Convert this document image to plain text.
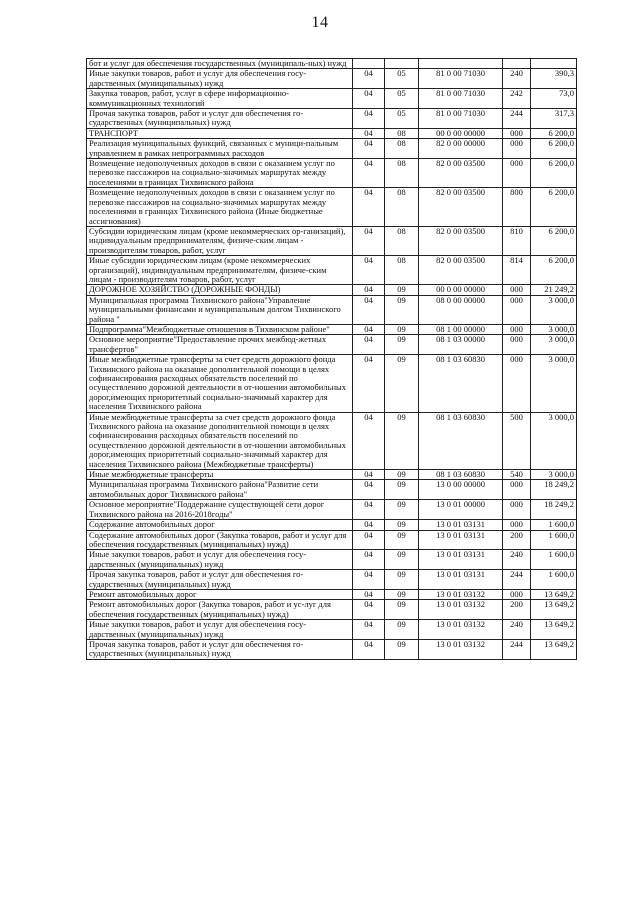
14
бот и услуг для обеспечения государственных (муниципаль-ных) нужд					
Иные закупки товаров, работ и услуг для обеспечения госу-дарственных (муниципальных) нужд	04	05	81 0 00 71030	240	390,3
Закупка товаров, работ, услуг в сфере информационно-коммуникационных технологий	04	05	81 0 00 71030	242	73,0
Прочая закупка товаров, работ и услуг для обеспечения го-сударственных (муниципальных) нужд	04	05	81 0 00 71030	244	317,3
ТРАНСПОРТ	04	08	00 0 00 00000	000	6 200,0
Реализация муниципальных функций, связанных с муници-пальным управлением в рамках непрограммных расходов	04	08	82 0 00 00000	000	6 200,0
Возмещение недополученных доходов в связи с оказанием услуг по перевозке пассажиров на социально-значимых маршрутах между поселениями в границах Тихвинского района	04	08	82 0 00 03500	000	6 200,0
Возмещение недополученных доходов в связи с оказанием услуг по перевозке пассажиров на социально-значимых маршрутах между поселениями в границах Тихвинского района (Иные бюджетные ассигнования)	04	08	82 0 00 03500	800	6 200,0
Субсидии юридическим лицам (кроме некоммерческих ор-ганизаций), индивидуальным предпринимателям, физиче-ским лицам - производителям товаров, работ, услуг	04	08	82 0 00 03500	810	6 200,0
Иные субсидии юридическим лицам (кроме некоммерческих организаций), индивидуальным предпринимателям, физиче-ским лицам - производителям товаров, работ, услуг	04	08	82 0 00 03500	814	6 200,0
ДОРОЖНОЕ ХОЗЯЙСТВО (ДОРОЖНЫЕ ФОНДЫ)	04	09	00 0 00 00000	000	21 249,2
Муниципальная программа Тихвинского района"Управление муниципальными финансами и муниципальным долгом Тихвинского района "	04	09	08 0 00 00000	000	3 000,0
Подпрограмма"Межбюджетные отношения в Тихвинском районе"	04	09	08 1 00 00000	000	3 000,0
Основное мероприятие"Предоставление прочих межбюд-жетных трансфертов"	04	09	08 1 03 00000	000	3 000,0
Иные межбюджетные трансферты за счет средств дорожного фонда Тихвинского района на оказание дополнительной помощи в целях софинансирования расходных обязательств поселений по осуществлению дорожной деятельности в от-ношении автомобильных дорог,имеющих приоритетный социально-значимый характер для населения Тихвинского района	04	09	08 1 03 60830	000	3 000,0
Иные межбюджетные трансферты за счет средств дорожного фонда Тихвинского района на оказание дополнительной помощи в целях софинансирования расходных обязательств поселений по осуществлению дорожной деятельности в от-ношении автомобильных дорог,имеющих приоритетный социально-значимый характер для населения Тихвинского района (Межбюджетные трансферты)	04	09	08 1 03 60830	500	3 000,0
Иные межбюджетные трансферты	04	09	08 1 03 60830	540	3 000,0
Муниципальная программа Тихвинского района"Развитие сети автомобильных дорог Тихвинского района"	04	09	13 0 00 00000	000	18 249,2
Основное мероприятие"Поддержание существующей сети дорог Тихвинского района на 2016-2018годы"	04	09	13 0 01 00000	000	18 249,2
Содержание автомобильных дорог	04	09	13 0 01 03131	000	1 600,0
Содержание автомобильных дорог (Закупка товаров, работ и услуг для обеспечения государственных (муниципальных) нужд)	04	09	13 0 01 03131	200	1 600,0
Иные закупки товаров, работ и услуг для обеспечения госу-дарственных (муниципальных) нужд	04	09	13 0 01 03131	240	1 600,0
Прочая закупка товаров, работ и услуг для обеспечения го-сударственных (муниципальных) нужд	04	09	13 0 01 03131	244	1 600,0
Ремонт автомобильных дорог	04	09	13 0 01 03132	000	13 649,2
Ремонт автомобильных дорог (Закупка товаров, работ и ус-луг для обеспечения государственных (муниципальных) нужд)	04	09	13 0 01 03132	200	13 649,2
Иные закупки товаров, работ и услуг для обеспечения госу-дарственных (муниципальных) нужд	04	09	13 0 01 03132	240	13 649,2
Прочая закупка товаров, работ и услуг для обеспечения го-сударственных (муниципальных) нужд	04	09	13 0 01 03132	244	13 649,2
